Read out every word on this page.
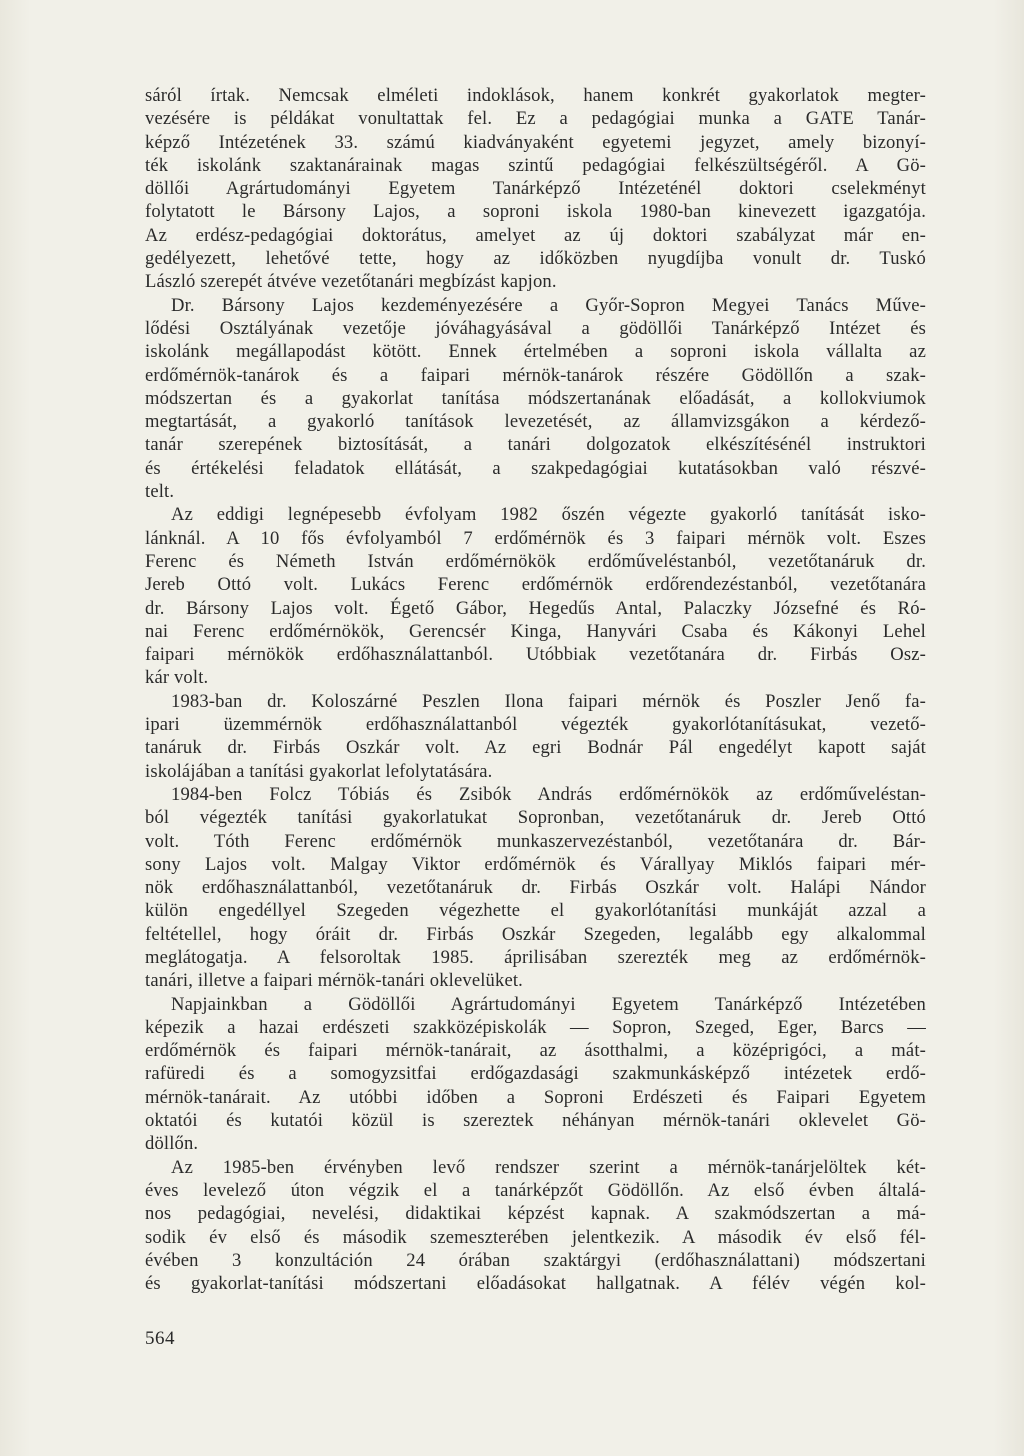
sáról írtak. Nemcsak elméleti indoklások, hanem konkrét gyakorlatok megter-
vezésére is példákat vonultattak fel. Ez a pedagógiai munka a GATE Tanár-
képző Intézetének 33. számú kiadványaként egyetemi jegyzet, amely bizonyí-
ték iskolánk szaktanárainak magas szintű pedagógiai felkészültségéről. A Gö-
döllői Agrártudományi Egyetem Tanárképző Intézeténél doktori cselekményt
folytatott le Bársony Lajos, a soproni iskola 1980-ban kinevezett igazgatója.
Az erdész-pedagógiai doktorátus, amelyet az új doktori szabályzat már en-
gedélyezett, lehetővé tette, hogy az időközben nyugdíjba vonult dr. Tuskó
László szerepét átvéve vezetőtanári megbízást kapjon.
Dr. Bársony Lajos kezdeményezésére a Győr-Sopron Megyei Tanács Műve-
lődési Osztályának vezetője jóváhagyásával a gödöllői Tanárképző Intézet és
iskolánk megállapodást kötött. Ennek értelmében a soproni iskola vállalta az
erdőmérnök-tanárok és a faipari mérnök-tanárok részére Gödöllőn a szak-
módszertan és a gyakorlat tanítása módszertanának előadását, a kollokviumok
megtartását, a gyakorló tanítások levezetését, az államvizsgákon a kérdező-
tanár szerepének biztosítását, a tanári dolgozatok elkészítésénél instruktori
és értékelési feladatok ellátását, a szakpedagógiai kutatásokban való részvé-
telt.
Az eddigi legnépesebb évfolyam 1982 őszén végezte gyakorló tanítását isko-
lánknál. A 10 fős évfolyamból 7 erdőmérnök és 3 faipari mérnök volt. Eszes
Ferenc és Németh István erdőmérnökök erdőműveléstanból, vezetőtanáruk dr.
Jereb Ottó volt. Lukács Ferenc erdőmérnök erdőrendezéstanból, vezetőtanára
dr. Bársony Lajos volt. Égető Gábor, Hegedűs Antal, Palaczky Józsefné és Ró-
nai Ferenc erdőmérnökök, Gerencsér Kinga, Hanyvári Csaba és Kákonyi Lehel
faipari mérnökök erdőhasználattanból. Utóbbiak vezetőtanára dr. Firbás Osz-
kár volt.
1983-ban dr. Koloszárné Peszlen Ilona faipari mérnök és Poszler Jenő fa-
ipari üzemmérnök erdőhasználattanból végezték gyakorlótanításukat, vezető-
tanáruk dr. Firbás Oszkár volt. Az egri Bodnár Pál engedélyt kapott saját
iskolájában a tanítási gyakorlat lefolytatására.
1984-ben Folcz Tóbiás és Zsibók András erdőmérnökök az erdőműveléstan-
ból végezték tanítási gyakorlatukat Sopronban, vezetőtanáruk dr. Jereb Ottó
volt. Tóth Ferenc erdőmérnök munkaszervezéstanból, vezetőtanára dr. Bár-
sony Lajos volt. Malgay Viktor erdőmérnök és Várallyay Miklós faipari mér-
nök erdőhasználattanból, vezetőtanáruk dr. Firbás Oszkár volt. Halápi Nándor
külön engedéllyel Szegeden végezhette el gyakorlótanítási munkáját azzal a
feltétellel, hogy óráit dr. Firbás Oszkár Szegeden, legalább egy alkalommal
meglátogatja. A felsoroltak 1985. áprilisában szerezték meg az erdőmérnök-
tanári, illetve a faipari mérnök-tanári oklevelüket.
Napjainkban a Gödöllői Agrártudományi Egyetem Tanárképző Intézetében
képezik a hazai erdészeti szakközépiskolák — Sopron, Szeged, Eger, Barcs —
erdőmérnök és faipari mérnök-tanárait, az ásotthalmi, a középrigóci, a mát-
rafüredi és a somogyzsitfai erdőgazdasági szakmunkásképző intézetek erdő-
mérnök-tanárait. Az utóbbi időben a Soproni Erdészeti és Faipari Egyetem
oktatói és kutatói közül is szereztek néhányan mérnök-tanári oklevelet Gö-
döllőn.
Az 1985-ben érvényben levő rendszer szerint a mérnök-tanárjelöltek két-
éves levelező úton végzik el a tanárképzőt Gödöllőn. Az első évben általá-
nos pedagógiai, nevelési, didaktikai képzést kapnak. A szakmódszertan a má-
sodik év első és második szemeszterében jelentkezik. A második év első fél-
évében 3 konzultáción 24 órában szaktárgyi (erdőhasználattani) módszertani
és gyakorlat-tanítási módszertani előadásokat hallgatnak. A félév végén kol-
564
